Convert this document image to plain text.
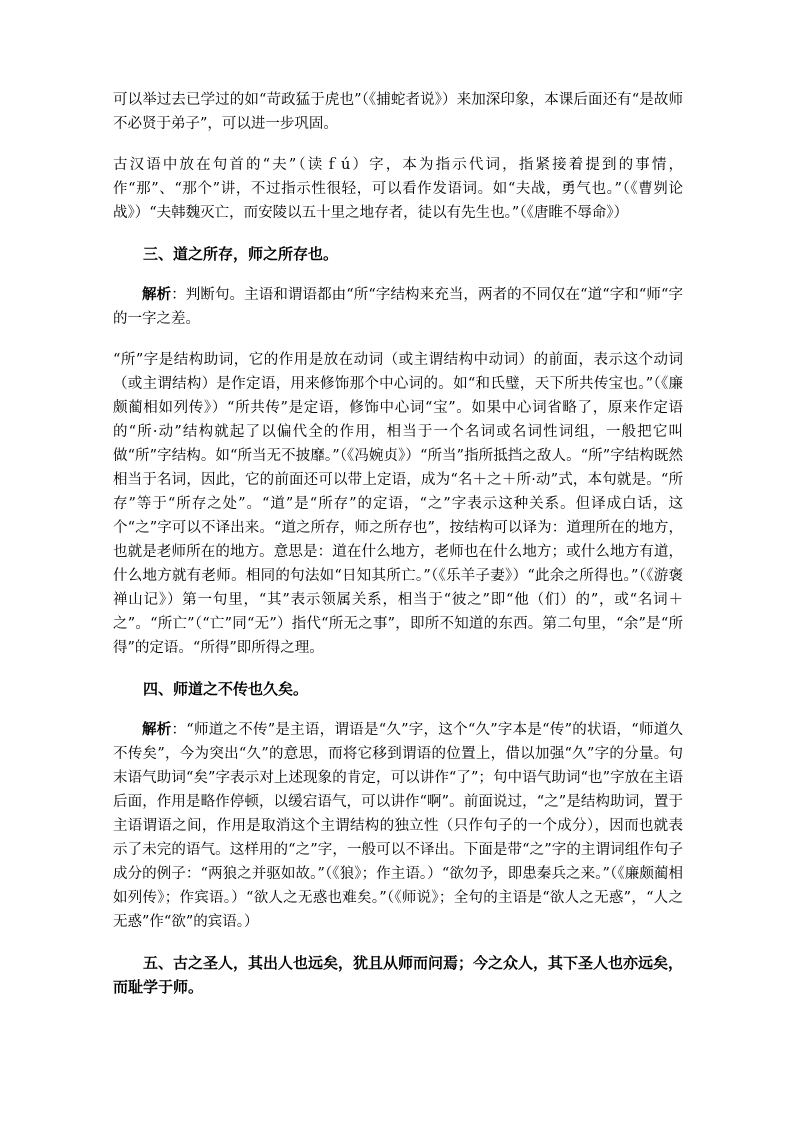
可以举过去已学过的如“苛政猛于虎也”（《捕蛇者说》）来加深印象，本课后面还有“是故师不必贤于弟子”，可以进一步巩固。

古汉语中放在句首的“夫”（读ｆú）字，本为指示代词，指紧接着提到的事情，作“那”、“那个”讲，不过指示性很轻，可以看作发语词。如“夫战，勇气也。”（《曹刿论战》）“夫韩魏灭亡，而安陵以五十里之地存者，徒以有先生也。”（《唐睢不辱命》）

三、道之所存，师之所存也。

解析：判断句。主语和谓语都由“所“字结构来充当，两者的不同仅在“道“字和“师“字的一字之差。

“所”字是结构助词，它的作用是放在动词（或主谓结构中动词）的前面，表示这个动词（或主谓结构）是作定语，用来修饰那个中心词的。如“和氏璧，天下所共传宝也。”（《廉颇蔺相如列传》）“所共传”是定语，修饰中心词“宝”。如果中心词省略了，原来作定语的“所·动”结构就起了以偏代全的作用，相当于一个名词或名词性词组，一般把它叫做“所”字结构。如“所当无不披靡。”（《冯婉贞》）“所当”指所抵挡之敌人。“所”字结构既然相当于名词，因此，它的前面还可以带上定语，成为“名＋之＋所·动”式，本句就是。“所存”等于“所存之处”。“道”是“所存”的定语，“之”字表示这种关系。但译成白话，这个“之”字可以不译出来。“道之所存，师之所存也”，按结构可以译为：道理所在的地方，也就是老师所在的地方。意思是：道在什么地方，老师也在什么地方；或什么地方有道，什么地方就有老师。相同的句法如“日知其所亡。”（《乐羊子妻》）“此余之所得也。”（《游褒禅山记》）第一句里，“其”表示领属关系，相当于“彼之”即“他（们）的”，或“名词＋之”。“所亡”（“亡”同“无”）指代“所无之事”，即所不知道的东西。第二句里，“余”是“所得”的定语。“所得”即所得之理。

四、师道之不传也久矣。

解析：“师道之不传”是主语，谓语是“久”字，这个“久”字本是“传”的状语，“师道久不传矣”，今为突出“久”的意思，而将它移到谓语的位置上，借以加强“久”字的分量。句末语气助词“矣”字表示对上述现象的肯定，可以讲作“了”；句中语气助词“也”字放在主语后面，作用是略作停顿，以缓宕语气，可以讲作“啊”。前面说过，“之”是结构助词，置于主语谓语之间，作用是取消这个主谓结构的独立性（只作句子的一个成分），因而也就表示了未完的语气。这样用的“之”字，一般可以不译出。下面是带“之”字的主谓词组作句子成分的例子：“两狼之并驱如故。”（《狼》；作主语。）“欲勿予，即患秦兵之来。”（《廉颇蔺相如列传》；作宾语。）“欲人之无惑也难矣。”（《师说》；全句的主语是“欲人之无惑”，“人之无惑”作“欲”的宾语。）

五、古之圣人，其出人也远矣，犹且从师而问焉；今之众人，其下圣人也亦远矣，而耻学于师。
